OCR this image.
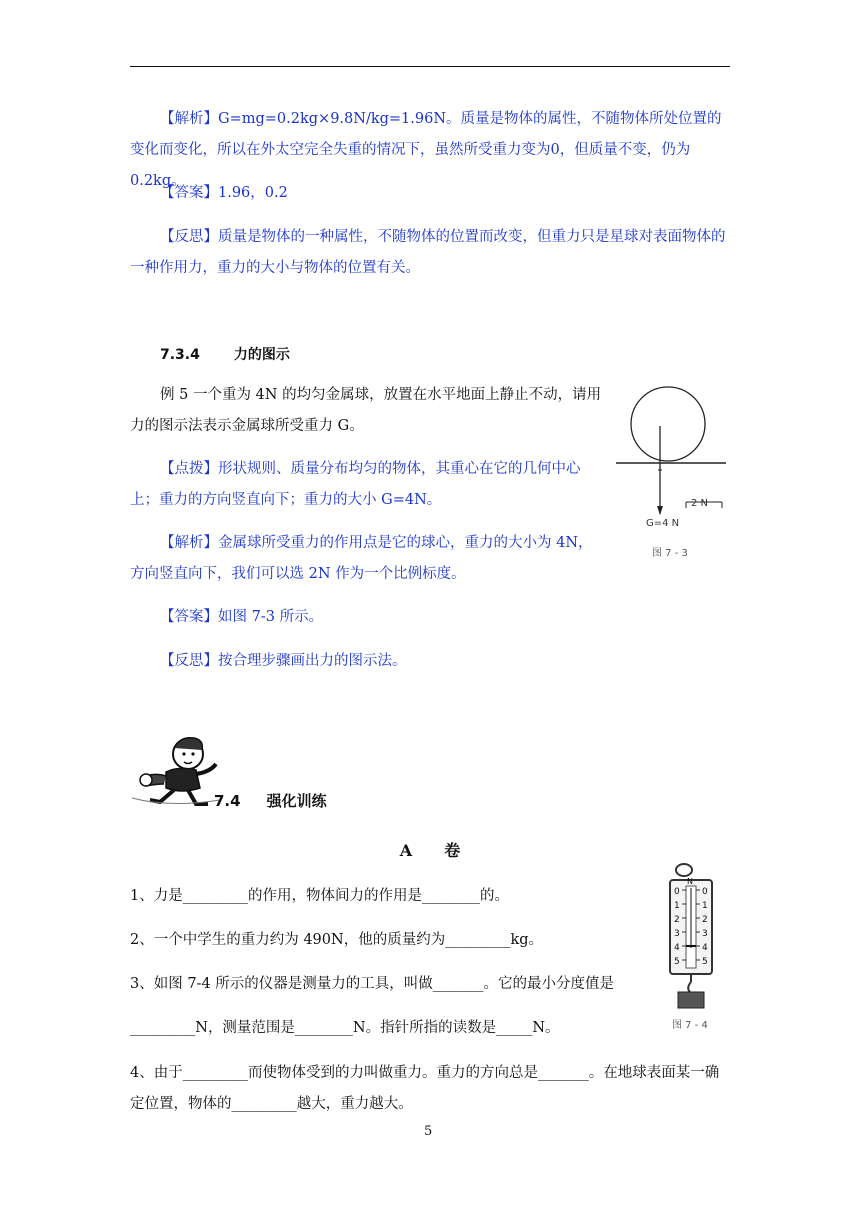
【解析】G=mg=0.2kg×9.8N/kg=1.96N。质量是物体的属性，不随物体所处位置的变化而变化，所以在外太空完全失重的情况下，虽然所受重力变为0，但质量不变，仍为0.2kg。
【答案】1.96，0.2
【反思】质量是物体的一种属性，不随物体的位置而改变，但重力只是星球对表面物体的一种作用力，重力的大小与物体的位置有关。
7.3.4 力的图示
例 5 一个重为 4N 的均匀金属球，放置在水平地面上静止不动，请用力的图示法表示金属球所受重力 G。
【点拨】形状规则、质量分布均匀的物体，其重心在它的几何中心上；重力的方向竖直向下；重力的大小 G=4N。
【解析】金属球所受重力的作用点是它的球心，重力的大小为 4N，方向竖直向下，我们可以选 2N 作为一个比例标度。
【答案】如图 7-3 所示。
【反思】按合理步骤画出力的图示法。
2 N
G=4 N
图 7 - 3
7.4 强化训练
A　　卷
1、力是_________的作用，物体间力的作用是________的。
2、一个中学生的重力约为 490N，他的质量约为_________kg。
3、如图 7-4 所示的仪器是测量力的工具，叫做_______。它的最小分度值是
_________N，测量范围是________N。指针所指的读数是_____N。
4、由于_________而使物体受到的力叫做重力。重力的方向总是_______。在地球表面某一确定位置，物体的_________越大，重力越大。
N
0
1
2
3
4
5
0
1
2
3
4
5
图 7 - 4
5
